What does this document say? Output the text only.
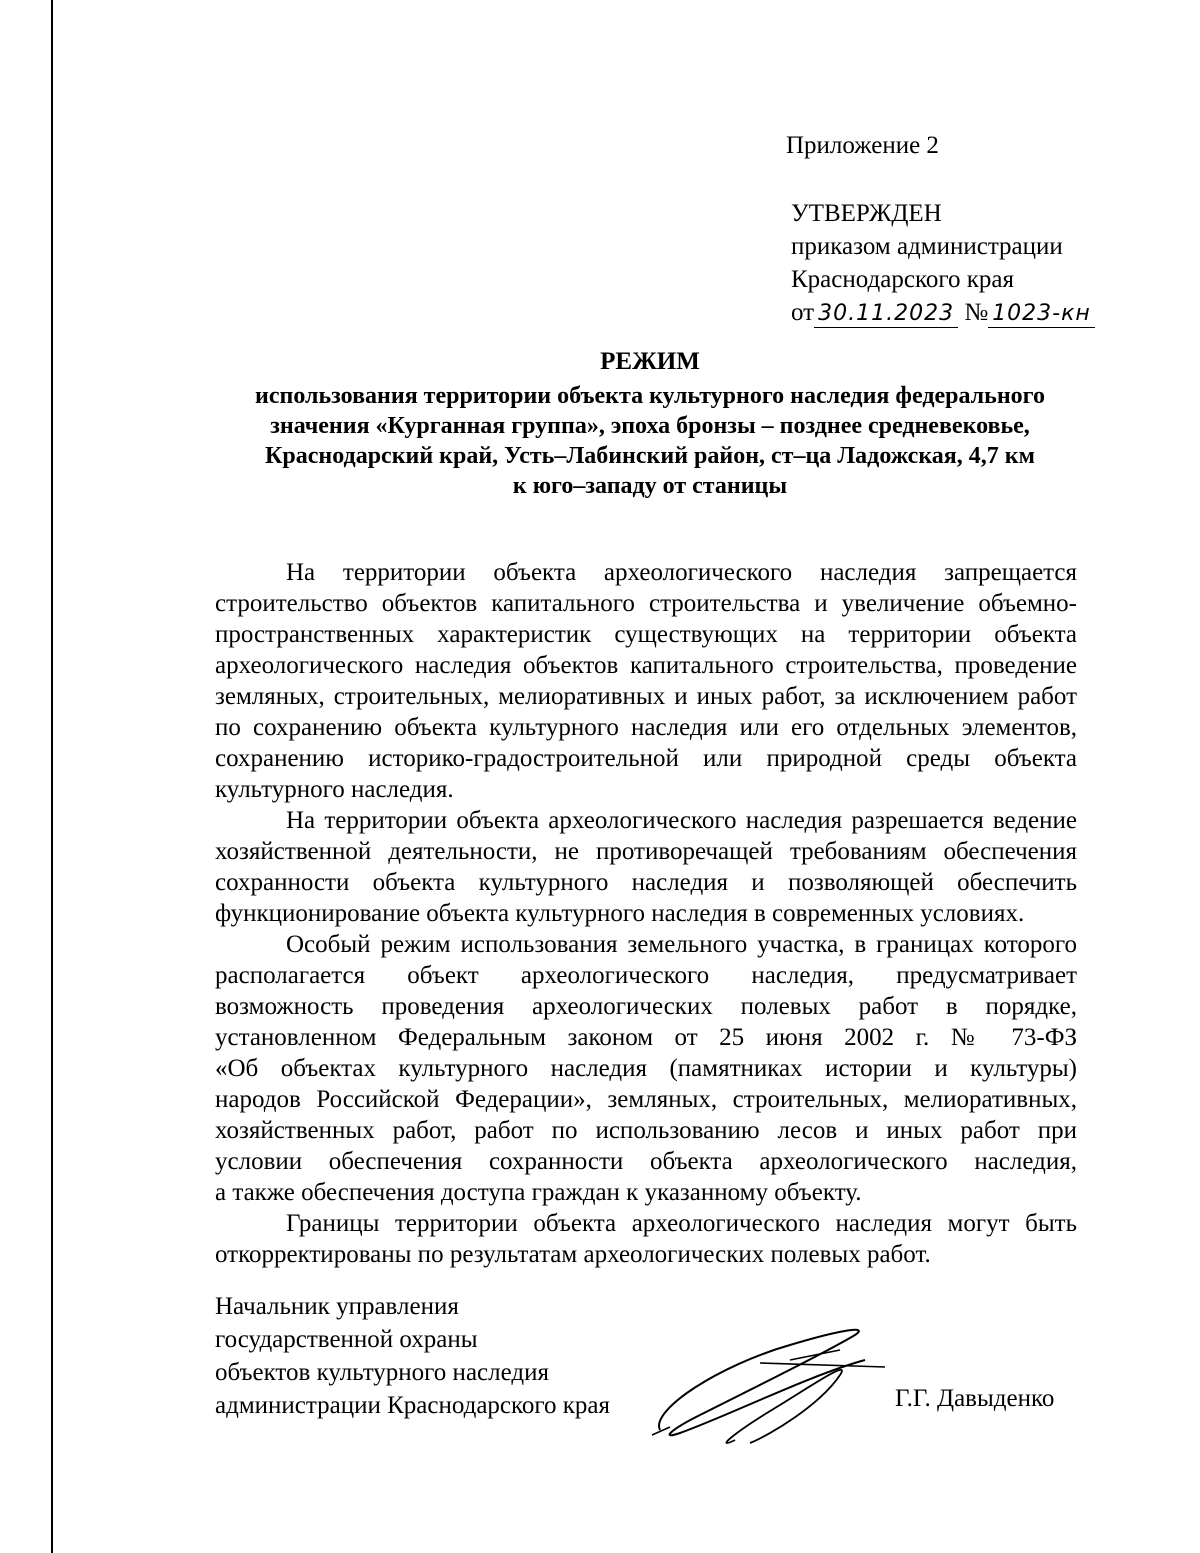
Приложение 2
УТВЕРЖДЕН
приказом администрации
Краснодарского края
от 30.11.2023 № 1023-кн
РЕЖИМ
использования территории объекта культурного наследия федерального
значения «Курганная группа», эпоха бронзы – позднее средневековье,
Краснодарский край, Усть–Лабинский район, ст–ца Ладожская, 4,7 км
к юго–западу от станицы
На территории объекта археологического наследия запрещается
строительство объектов капитального строительства и увеличение объемно-
пространственных характеристик существующих на территории объекта
археологического наследия объектов капитального строительства, проведение
земляных, строительных, мелиоративных и иных работ, за исключением работ
по сохранению объекта культурного наследия или его отдельных элементов,
сохранению историко-градостроительной или природной среды объекта
культурного наследия.
На территории объекта археологического наследия разрешается ведение
хозяйственной деятельности, не противоречащей требованиям обеспечения
сохранности объекта культурного наследия и позволяющей обеспечить
функционирование объекта культурного наследия в современных условиях.
Особый режим использования земельного участка, в границах которого
располагается объект археологического наследия, предусматривает
возможность проведения археологических полевых работ в порядке,
установленном Федеральным законом от 25 июня 2002 г. № 73-ФЗ
«Об объектах культурного наследия (памятниках истории и культуры)
народов Российской Федерации», земляных, строительных, мелиоративных,
хозяйственных работ, работ по использованию лесов и иных работ при
условии обеспечения сохранности объекта археологического наследия,
а также обеспечения доступа граждан к указанному объекту.
Границы территории объекта археологического наследия могут быть
откорректированы по результатам археологических полевых работ.
Начальник управления
государственной охраны
объектов культурного наследия
администрации Краснодарского края	Г.Г. Давыденко
